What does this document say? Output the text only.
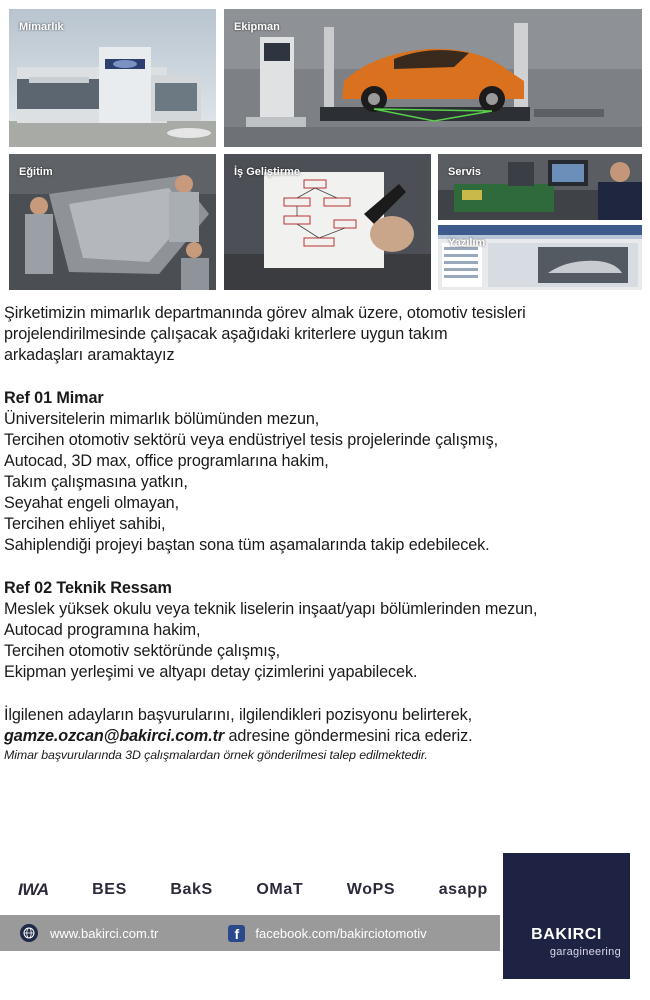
Mimarlık	Ekipman
Eğitim	İş Geliştirme	Servis
Yazılım

Şirketimizin mimarlık departmanında görev almak üzere, otomotiv tesisleri

projelendirilmesinde çalışacak aşağıdaki kriterlere uygun takım

arkadaşları aramaktayız

Ref 01 Mimar

Üniversitelerin mimarlık bölümünden mezun,

Tercihen otomotiv sektörü veya endüstriyel tesis projelerinde çalışmış,

Autocad, 3D max, office programlarına hakim,

Takım çalışmasına yatkın,

Seyahat engeli olmayan,

Tercihen ehliyet sahibi,

Sahiplendiği projeyi baştan sona tüm aşamalarında takip edebilecek.

Ref 02 Teknik Ressam

Meslek yüksek okulu veya teknik liselerin inşaat/yapı bölümlerinden mezun,

Autocad programına hakim,

Tercihen otomotiv sektöründe çalışmış,

Ekipman yerleşimi ve altyapı detay çizimlerini yapabilecek.

İlgilenen adayların başvurularını, ilgilendikleri pozisyonu belirterek,

gamze.ozcan@bakirci.com.tr adresine göndermesini rica ederiz.

Mimar başvurularında 3D çalışmalardan örnek gönderilmesi talep edilmektedir.

IWA	BES	BakS	OMaT	WoPS	asapp
www.bakirci.com.tr	f	facebook.com/bakirciotomotiv	BAKIRCI
garagineering
